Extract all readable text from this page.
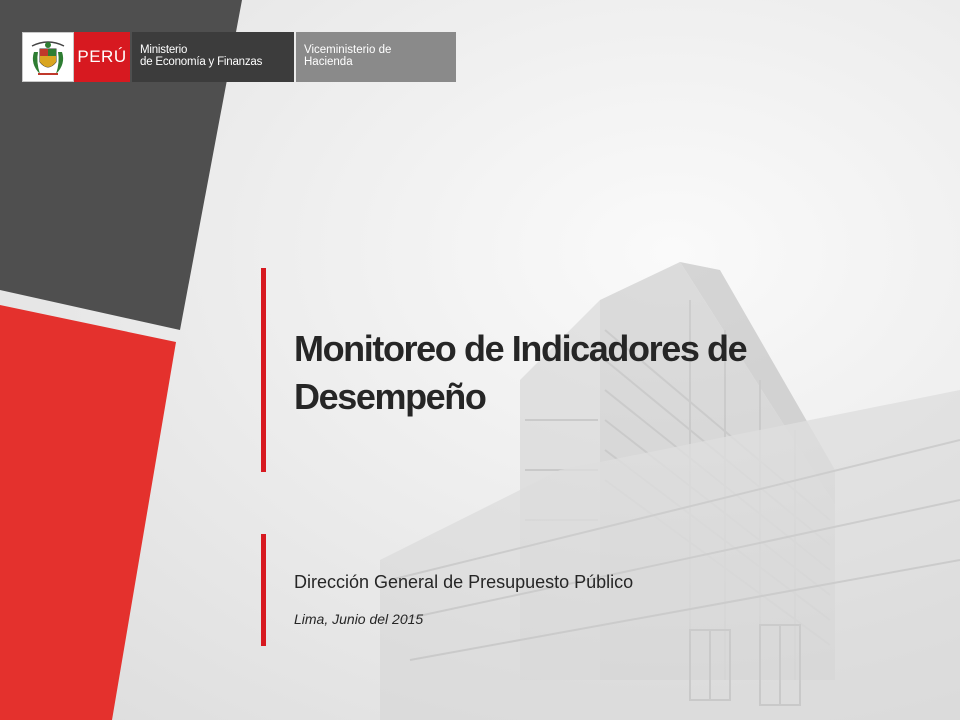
PERÚ Ministerio
de Economía y Finanzas
Viceministerio de
Hacienda
Monitoreo de Indicadores de Desempeño

Dirección General de Presupuesto Público

Lima, Junio del 2015
